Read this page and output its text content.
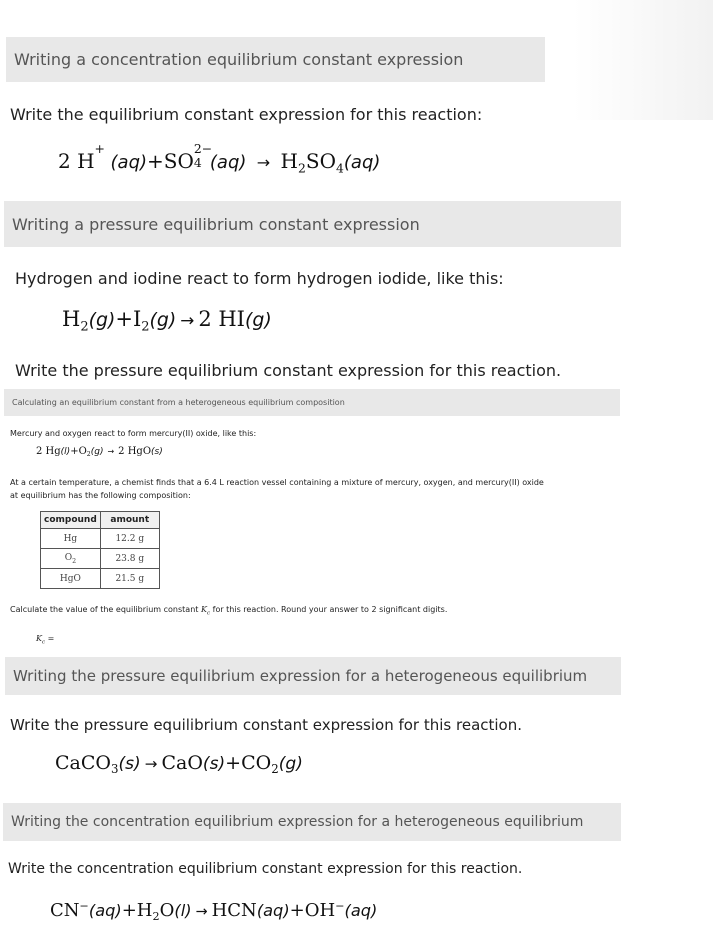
Writing a concentration equilibrium constant expression
Write the equilibrium constant expression for this reaction:
2 H
+
(aq)+SO
2−
4 $(aq) \to H_2SO_4(aq)$
Writing a pressure equilibrium constant expression
Hydrogen and iodine react to form hydrogen iodide, like this:
$H_2(g)+I_2(g) \to 2$ HI(g)
Write the pressure equilibrium constant expression for this reaction.
Calculating an equilibrium constant from a heterogeneous equilibrium composition
Mercury and oxygen react to form mercury(II) oxide, like this:
2 $Hg(l)+O_2(g) \to 2$ HgO(s)
At a certain temperature, a chemist finds that a 6.4 L reaction vessel containing a mixture of mercury, oxygen, and mercury(II) oxide
at equilibrium has the following composition:
compound	amount
Hg	12.2 g
$O_2$	23.8 g
HgO	21.5 g
Calculate the value of the equilibrium constant $K_c$ for this reaction. Round your answer to 2 significant digits.
$K_c$ =
Writing the pressure equilibrium expression for a heterogeneous equilibrium
Write the pressure equilibrium constant expression for this reaction.
CaCO$_3$(s) → $CaO(s)+CO_2(g)$
Writing the concentration equilibrium expression for a heterogeneous equilibrium
Write the concentration equilibrium constant expression for this reaction.
$CN^-(aq)+H_2O(l) \to HCN(aq)+OH^-(aq)$
